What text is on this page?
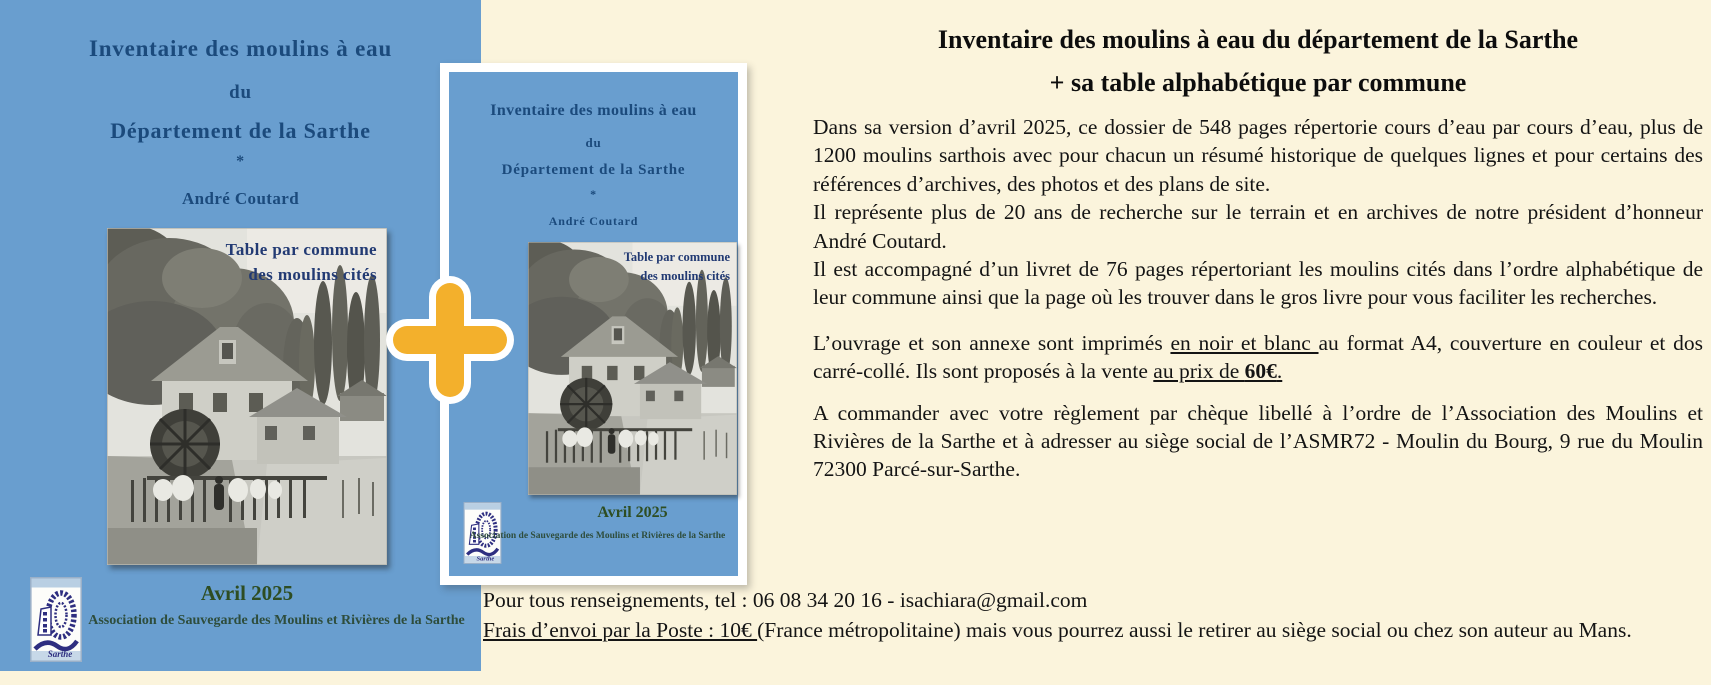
Inventaire des moulins à eau
du
Département de la Sarthe
*
André Coutard
Table par commune
des moulins cités
Avril 2025
Association de Sauvegarde des Moulins et Rivières de la Sarthe
Inventaire des moulins à eau
du
Département de la Sarthe
*
André Coutard
Table par commune
des moulins cités
Avril 2025
Association de Sauvegarde des Moulins et Rivières de la Sarthe
Inventaire des moulins à eau du département de la Sarthe
+ sa table alphabétique par commune

Dans sa version d’avril 2025, ce dossier de 548 pages répertorie cours d’eau par cours d’eau, plus de 1200 moulins sarthois avec pour chacun un résumé historique de quelques lignes et pour certains des références d’archives, des photos et des plans de site.

Il représente plus de 20 ans de recherche sur le terrain et en archives de notre président d’honneur André Coutard.

Il est accompagné d’un livret de 76 pages répertoriant les moulins cités dans l’ordre alphabétique de leur commune ainsi que la page où les trouver dans le gros livre pour vous faciliter les recherches.

L’ouvrage et son annexe sont imprimés en noir et blanc au format A4, couverture en couleur et dos carré-collé. Ils sont proposés à la vente au prix de 60€.

A commander avec votre règlement par chèque libellé à l’ordre de l’Association des Moulins et Rivières de la Sarthe et à adresser au siège social de l’ASMR72 - Moulin du Bourg, 9 rue du Moulin 72300 Parcé-sur-Sarthe.

Pour tous renseignements, tel : 06 08 34 20 16 - isachiara@gmail.com

Frais d’envoi par la Poste : 10€ (France métropolitaine) mais vous pourrez aussi le retirer au siège social ou chez son auteur au Mans.
